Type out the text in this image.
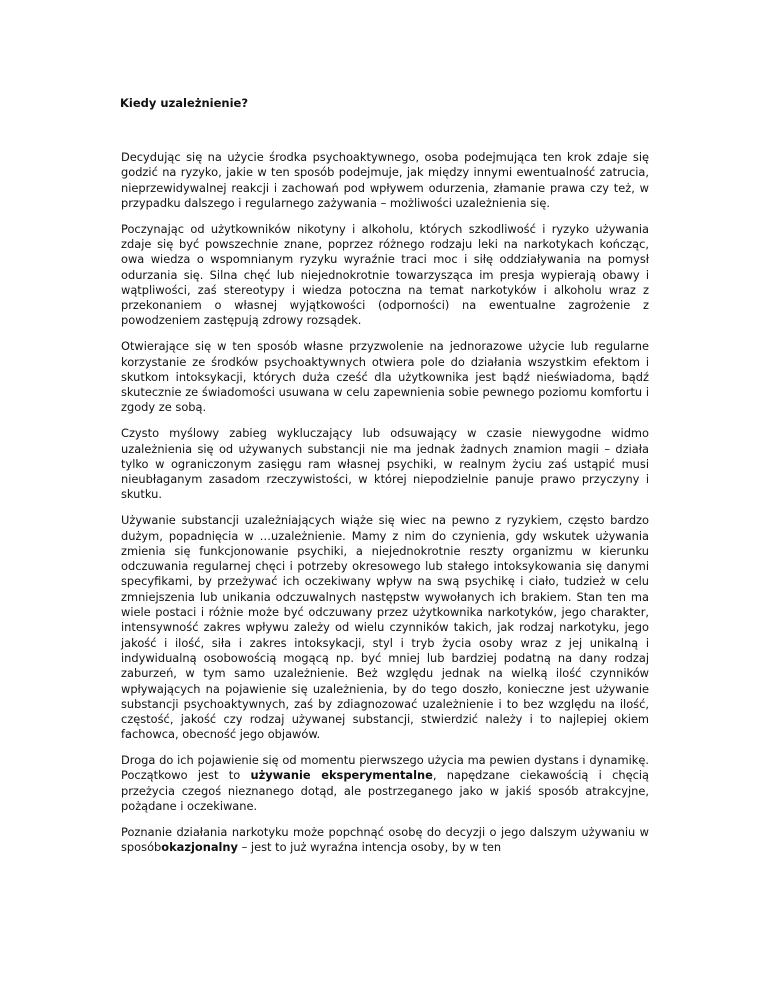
Kiedy uzależnienie?

Decydując się na użycie środka psychoaktywnego, osoba podejmująca ten krok zdaje się godzić na ryzyko, jakie w ten sposób podejmuje, jak między innymi ewentualność zatrucia, nieprzewidywalnej reakcji i zachowań pod wpływem odurzenia, złamanie prawa czy też, w przypadku dalszego i regularnego zażywania – możliwości uzależnienia się.

Poczynając od użytkowników nikotyny i alkoholu, których szkodliwość i ryzyko używania zdaje się być powszechnie znane, poprzez różnego rodzaju leki na narkotykach kończąc, owa wiedza o wspomnianym ryzyku wyraźnie traci moc i siłę oddziaływania na pomysł odurzania się. Silna chęć lub niejednokrotnie towarzysząca im presja wypierają obawy i wątpliwości, zaś stereotypy i wiedza potoczna na temat narkotyków i alkoholu wraz z przekonaniem o własnej wyjątkowości (odporności) na ewentualne zagrożenie z powodzeniem zastępują zdrowy rozsądek.

Otwierające się w ten sposób własne przyzwolenie na jednorazowe użycie lub regularne korzystanie ze środków psychoaktywnych otwiera pole do działania wszystkim efektom i skutkom intoksykacji, których duża cześć dla użytkownika jest bądź nieświadoma, bądź skutecznie ze świadomości usuwana w celu zapewnienia sobie pewnego poziomu komfortu i zgody ze sobą.

Czysto myślowy zabieg wykluczający lub odsuwający w czasie niewygodne widmo uzależnienia się od używanych substancji nie ma jednak żadnych znamion magii – działa tylko w ograniczonym zasięgu ram własnej psychiki, w realnym życiu zaś ustąpić musi nieubłaganym zasadom rzeczywistości, w której niepodzielnie panuje prawo przyczyny i skutku.

Używanie substancji uzależniających wiąże się wiec na pewno z ryzykiem, często bardzo dużym, popadnięcia w …uzależnienie. Mamy z nim do czynienia, gdy wskutek używania zmienia się funkcjonowanie psychiki, a niejednokrotnie reszty organizmu w kierunku odczuwania regularnej chęci i potrzeby okresowego lub stałego intoksykowania się danymi specyfikami, by przeżywać ich oczekiwany wpływ na swą psychikę i ciało, tudzież w celu zmniejszenia lub unikania odczuwalnych następstw wywołanych ich brakiem. Stan ten ma wiele postaci i różnie może być odczuwany przez użytkownika narkotyków, jego charakter, intensywność zakres wpływu zależy od wielu czynników takich, jak rodzaj narkotyku, jego jakość i ilość, siła i zakres intoksykacji, styl i tryb życia osoby wraz z jej unikalną i indywidualną osobowością mogącą np. być mniej lub bardziej podatną na dany rodzaj zaburzeń, w tym samo uzależnienie. Beż względu jednak na wielką ilość czynników wpływających na pojawienie się uzależnienia, by do tego doszło, konieczne jest używanie substancji psychoaktywnych, zaś by zdiagnozować uzależnienie i to bez względu na ilość, częstość, jakość czy rodzaj używanej substancji, stwierdzić należy i to najlepiej okiem fachowca, obecność jego objawów.

Droga do ich pojawienie się od momentu pierwszego użycia ma pewien dystans i dynamikę. Początkowo jest to używanie eksperymentalne, napędzane ciekawością i chęcią przeżycia czegoś nieznanego dotąd, ale postrzeganego jako w jakiś sposób atrakcyjne, pożądane i oczekiwane.

Poznanie działania narkotyku może popchnąć osobę do decyzji o jego dalszym używaniu w sposóbokazjonalny – jest to już wyraźna intencja osoby, by w ten
